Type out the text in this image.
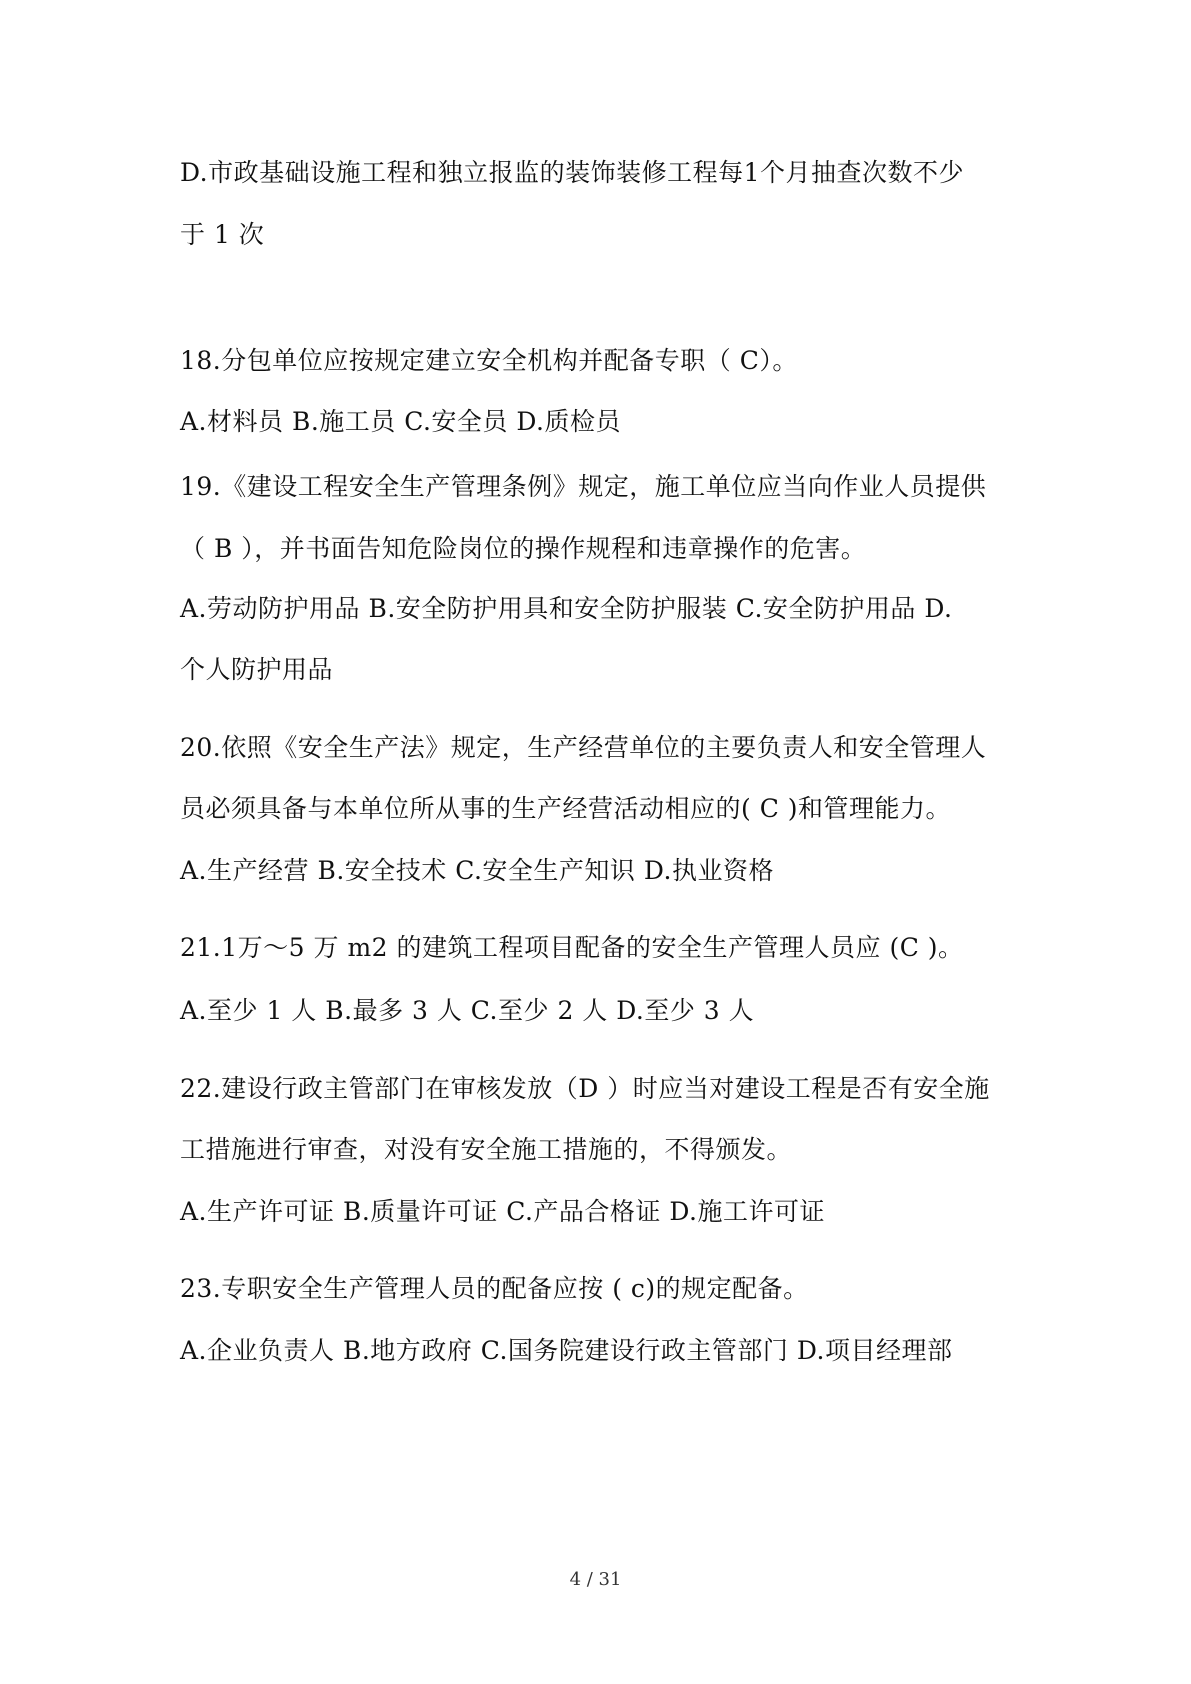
D.市政基础设施工程和独立报监的装饰装修工程每1个月抽查次数不少
于 1 次
18.分包单位应按规定建立安全机构并配备专职（ C）。
A.材料员 B.施工员 C.安全员 D.质检员
19.《建设工程安全生产管理条例》规定，施工单位应当向作业人员提供
（ B ），并书面告知危险岗位的操作规程和违章操作的危害。
A.劳动防护用品 B.安全防护用具和安全防护服装 C.安全防护用品 D.
个人防护用品
20.依照《安全生产法》规定，生产经营单位的主要负责人和安全管理人
员必须具备与本单位所从事的生产经营活动相应的( C )和管理能力。
A.生产经营 B.安全技术 C.安全生产知识 D.执业资格
21.1万～5 万 m2 的建筑工程项目配备的安全生产管理人员应 (C )。
A.至少 1 人 B.最多 3 人 C.至少 2 人 D.至少 3 人
22.建设行政主管部门在审核发放（D ）时应当对建设工程是否有安全施
工措施进行审查，对没有安全施工措施的，不得颁发。
A.生产许可证 B.质量许可证 C.产品合格证 D.施工许可证
23.专职安全生产管理人员的配备应按 ( c)的规定配备。
A.企业负责人 B.地方政府 C.国务院建设行政主管部门 D.项目经理部
4 / 31
